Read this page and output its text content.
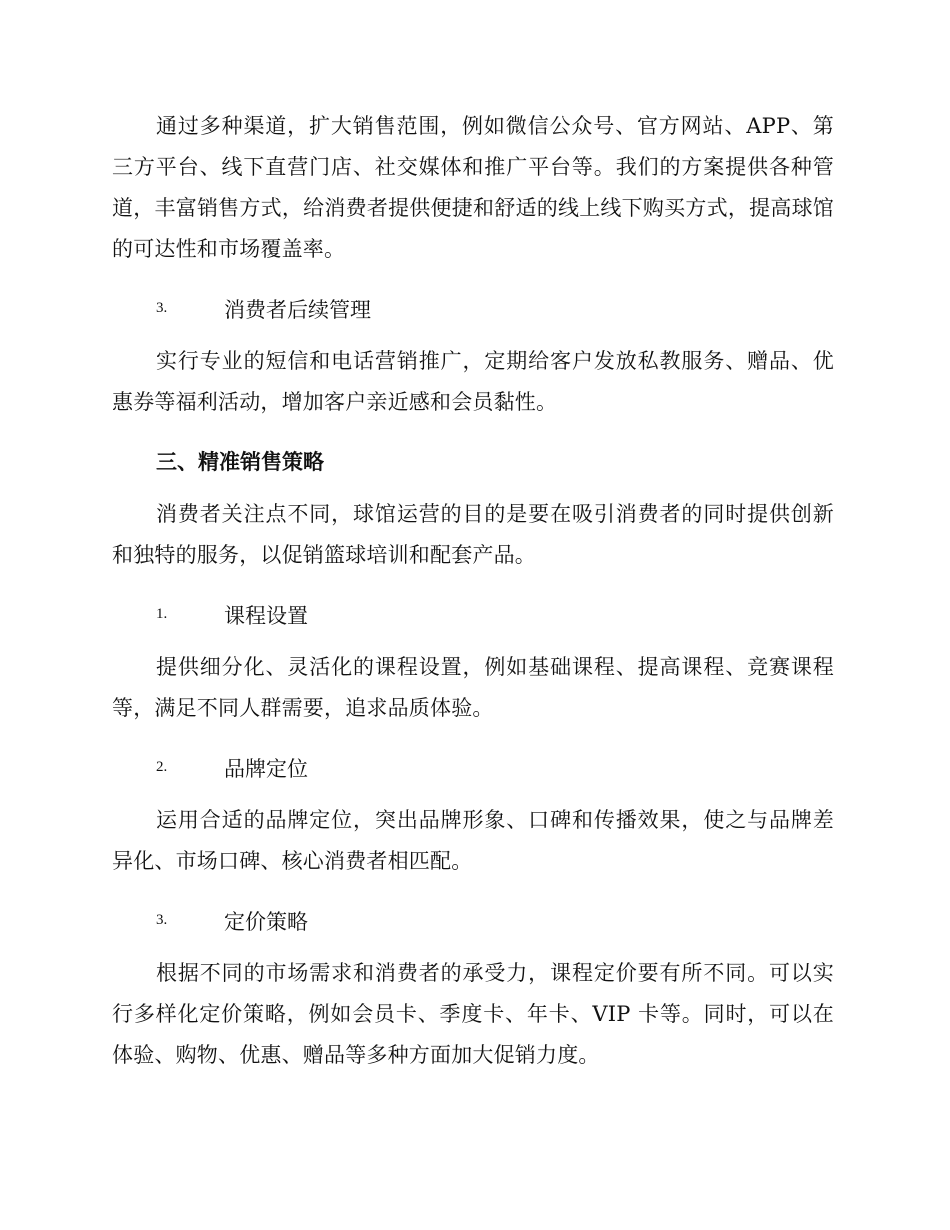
通过多种渠道，扩大销售范围，例如微信公众号、官方网站、APP、第三方平台、线下直营门店、社交媒体和推广平台等。我们的方案提供各种管道，丰富销售方式，给消费者提供便捷和舒适的线上线下购买方式，提高球馆的可达性和市场覆盖率。

3.	消费者后续管理

实行专业的短信和电话营销推广，定期给客户发放私教服务、赠品、优惠券等福利活动，增加客户亲近感和会员黏性。

三、精准销售策略

消费者关注点不同，球馆运营的目的是要在吸引消费者的同时提供创新和独特的服务，以促销篮球培训和配套产品。

1.	课程设置

提供细分化、灵活化的课程设置，例如基础课程、提高课程、竞赛课程等，满足不同人群需要，追求品质体验。

2.	品牌定位

运用合适的品牌定位，突出品牌形象、口碑和传播效果，使之与品牌差异化、市场口碑、核心消费者相匹配。

3.	定价策略

根据不同的市场需求和消费者的承受力，课程定价要有所不同。可以实行多样化定价策略，例如会员卡、季度卡、年卡、VIP 卡等。同时，可以在体验、购物、优惠、赠品等多种方面加大促销力度。
